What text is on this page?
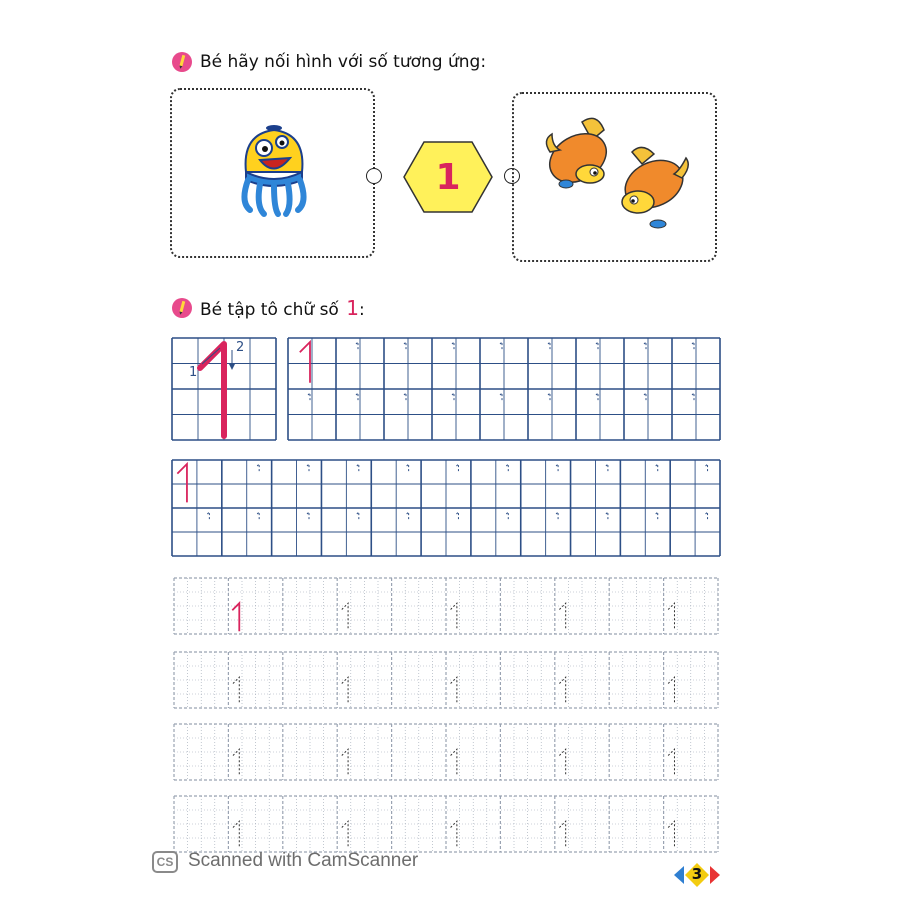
Bé hãy nối hình với số tương ứng:
1
Bé tập tô chữ số 1:
1
2
CS Scanned with CamScanner
3
